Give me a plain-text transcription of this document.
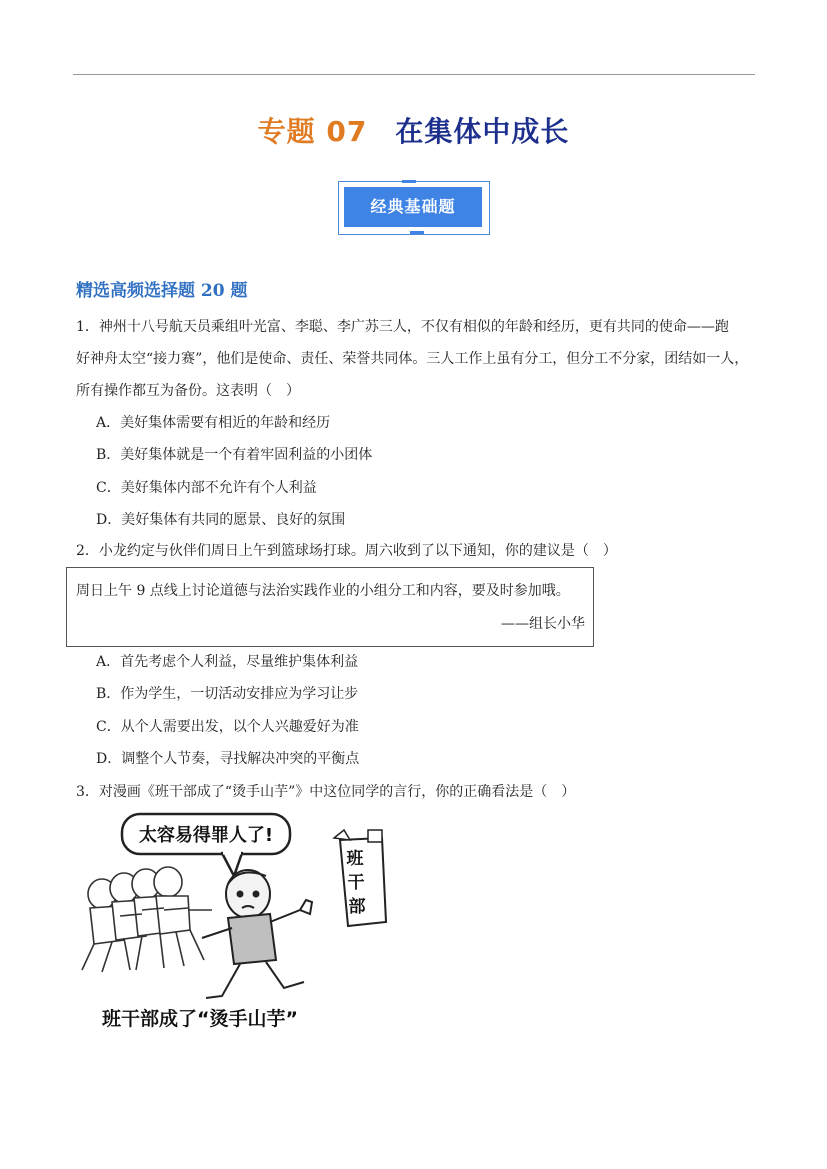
专题 07 在集体中成长
经典基础题
精选高频选择题 20 题
1．神州十八号航天员乘组叶光富、李聪、李广苏三人，不仅有相似的年龄和经历，更有共同的使命——跑
好神舟太空“接力赛”，他们是使命、责任、荣誉共同体。三人工作上虽有分工，但分工不分家，团结如一人，
所有操作都互为备份。这表明（　）
A．美好集体需要有相近的年龄和经历
B．美好集体就是一个有着牢固利益的小团体
C．美好集体内部不允许有个人利益
D．美好集体有共同的愿景、良好的氛围
2．小龙约定与伙伴们周日上午到篮球场打球。周六收到了以下通知，你的建议是（　）
周日上午 9 点线上讨论道德与法治实践作业的小组分工和内容，要及时参加哦。
——组长小华
A．首先考虑个人利益，尽量维护集体利益
B．作为学生，一切活动安排应为学习让步
C．从个人需要出发，以个人兴趣爱好为准
D．调整个人节奏，寻找解决冲突的平衡点
3．对漫画《班干部成了“烫手山芋”》中这位同学的言行，你的正确看法是（　）
太容易得罪人了!
班
干
部
班干部成了“烫手山芋”
